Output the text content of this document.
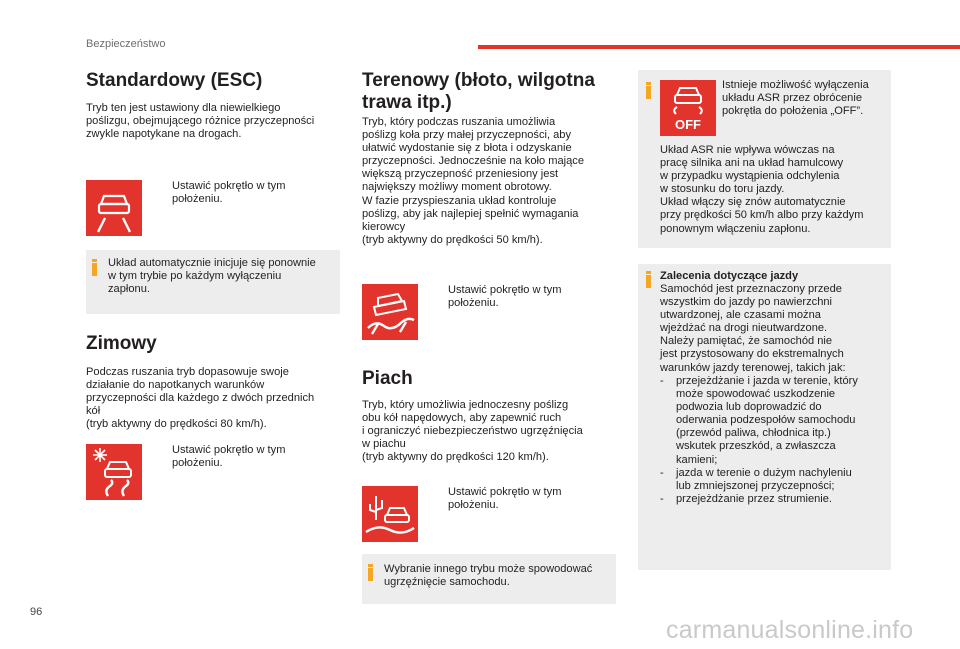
Bezpieczeństwo
Standardowy (ESC)

Tryb ten jest ustawiony dla niewielkiego
poślizgu, obejmującego różnice przyczepności
zwykle napotykane na drogach.

Ustawić pokrętło w tym
położeniu.
Układ automatycznie inicjuje się ponownie
w tym trybie po każdym wyłączeniu
zapłonu.
Zimowy

Podczas ruszania tryb dopasowuje swoje
działanie do napotkanych warunków
przyczepności dla każdego z dwóch przednich
kół
(tryb aktywny do prędkości 80 km/h).

Ustawić pokrętło w tym
położeniu.
Terenowy (błoto, wilgotna
trawa itp.)

Tryb, który podczas ruszania umożliwia
poślizg koła przy małej przyczepności, aby
ułatwić wydostanie się z błota i odzyskanie
przyczepności. Jednocześnie na koło mające
większą przyczepność przeniesiony jest
największy możliwy moment obrotowy.
W fazie przyspieszania układ kontroluje
poślizg, aby jak najlepiej spełnić wymagania
kierowcy
(tryb aktywny do prędkości 50 km/h).

Ustawić pokrętło w tym
położeniu.
Piach

Tryb, który umożliwia jednoczesny poślizg
obu kół napędowych, aby zapewnić ruch
i ograniczyć niebezpieczeństwo ugrzęźnięcia
w piachu
(tryb aktywny do prędkości 120 km/h).

Ustawić pokrętło w tym
położeniu.
Wybranie innego trybu może spowodować
ugrzęźnięcie samochodu.
OFF
Istnieje możliwość wyłączenia
układu ASR przez obrócenie
pokrętła do położenia „OFF”.
Układ ASR nie wpływa wówczas na
pracę silnika ani na układ hamulcowy
w przypadku wystąpienia odchylenia
w stosunku do toru jazdy.
Układ włączy się znów automatycznie
przy prędkości 50 km/h albo przy każdym
ponownym włączeniu zapłonu.
Zalecenia dotyczące jazdy
Samochód jest przeznaczony przede
wszystkim do jazdy po nawierzchni
utwardzonej, ale czasami można
wjeżdżać na drogi nieutwardzone.
Należy pamiętać, że samochód nie
jest przystosowany do ekstremalnych
warunków jazdy terenowej, takich jak:
- przejeżdżanie i jazda w terenie, który
może spowodować uszkodzenie
podwozia lub doprowadzić do
oderwania podzespołów samochodu
(przewód paliwa, chłodnica itp.)
wskutek przeszkód, a zwłaszcza
kamieni;
- jazda w terenie o dużym nachyleniu
lub zmniejszonej przyczepności;
- przejeżdżanie przez strumienie.
96
carmanualsonline.info
